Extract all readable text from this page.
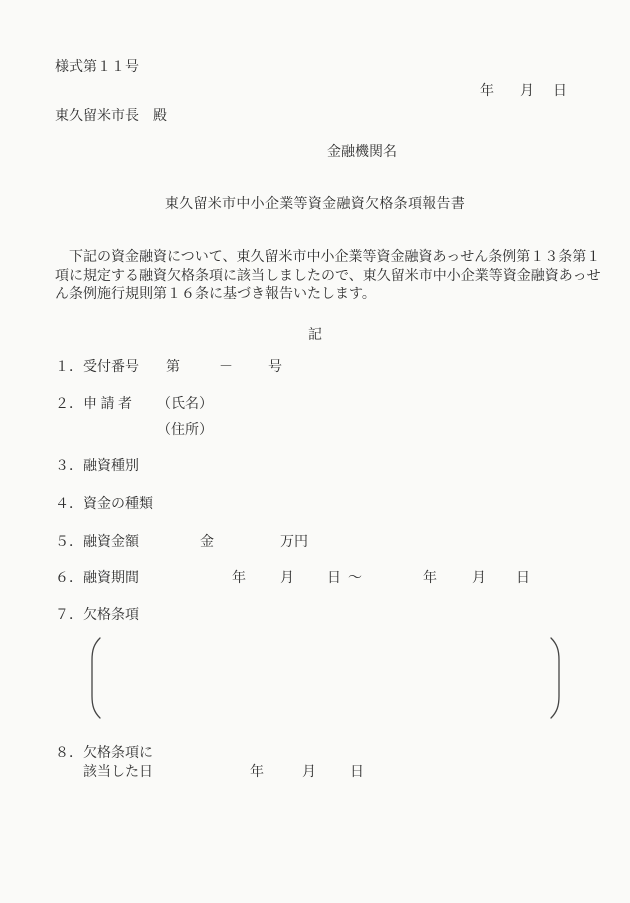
様式第１１号
年 月 日
東久留米市長　殿
金融機関名
東久留米市中小企業等資金融資欠格条項報告書
　下記の資金融資について、東久留米市中小企業等資金融資あっせん条例第１３条第１
項に規定する融資欠格条項に該当しましたので、東久留米市中小企業等資金融資あっせ
ん条例施行規則第１６条に基づき報告いたします。
記
１．受付番号 第	－	号
２．申 請 者 （氏名）
（住所）
３．融資種別
４．資金の種類
５．融資金額	金	万円
６．融資期間	年 月 日 ～	年	月 日
７．欠格条項
８．欠格条項に
該当した日	年	月 日
